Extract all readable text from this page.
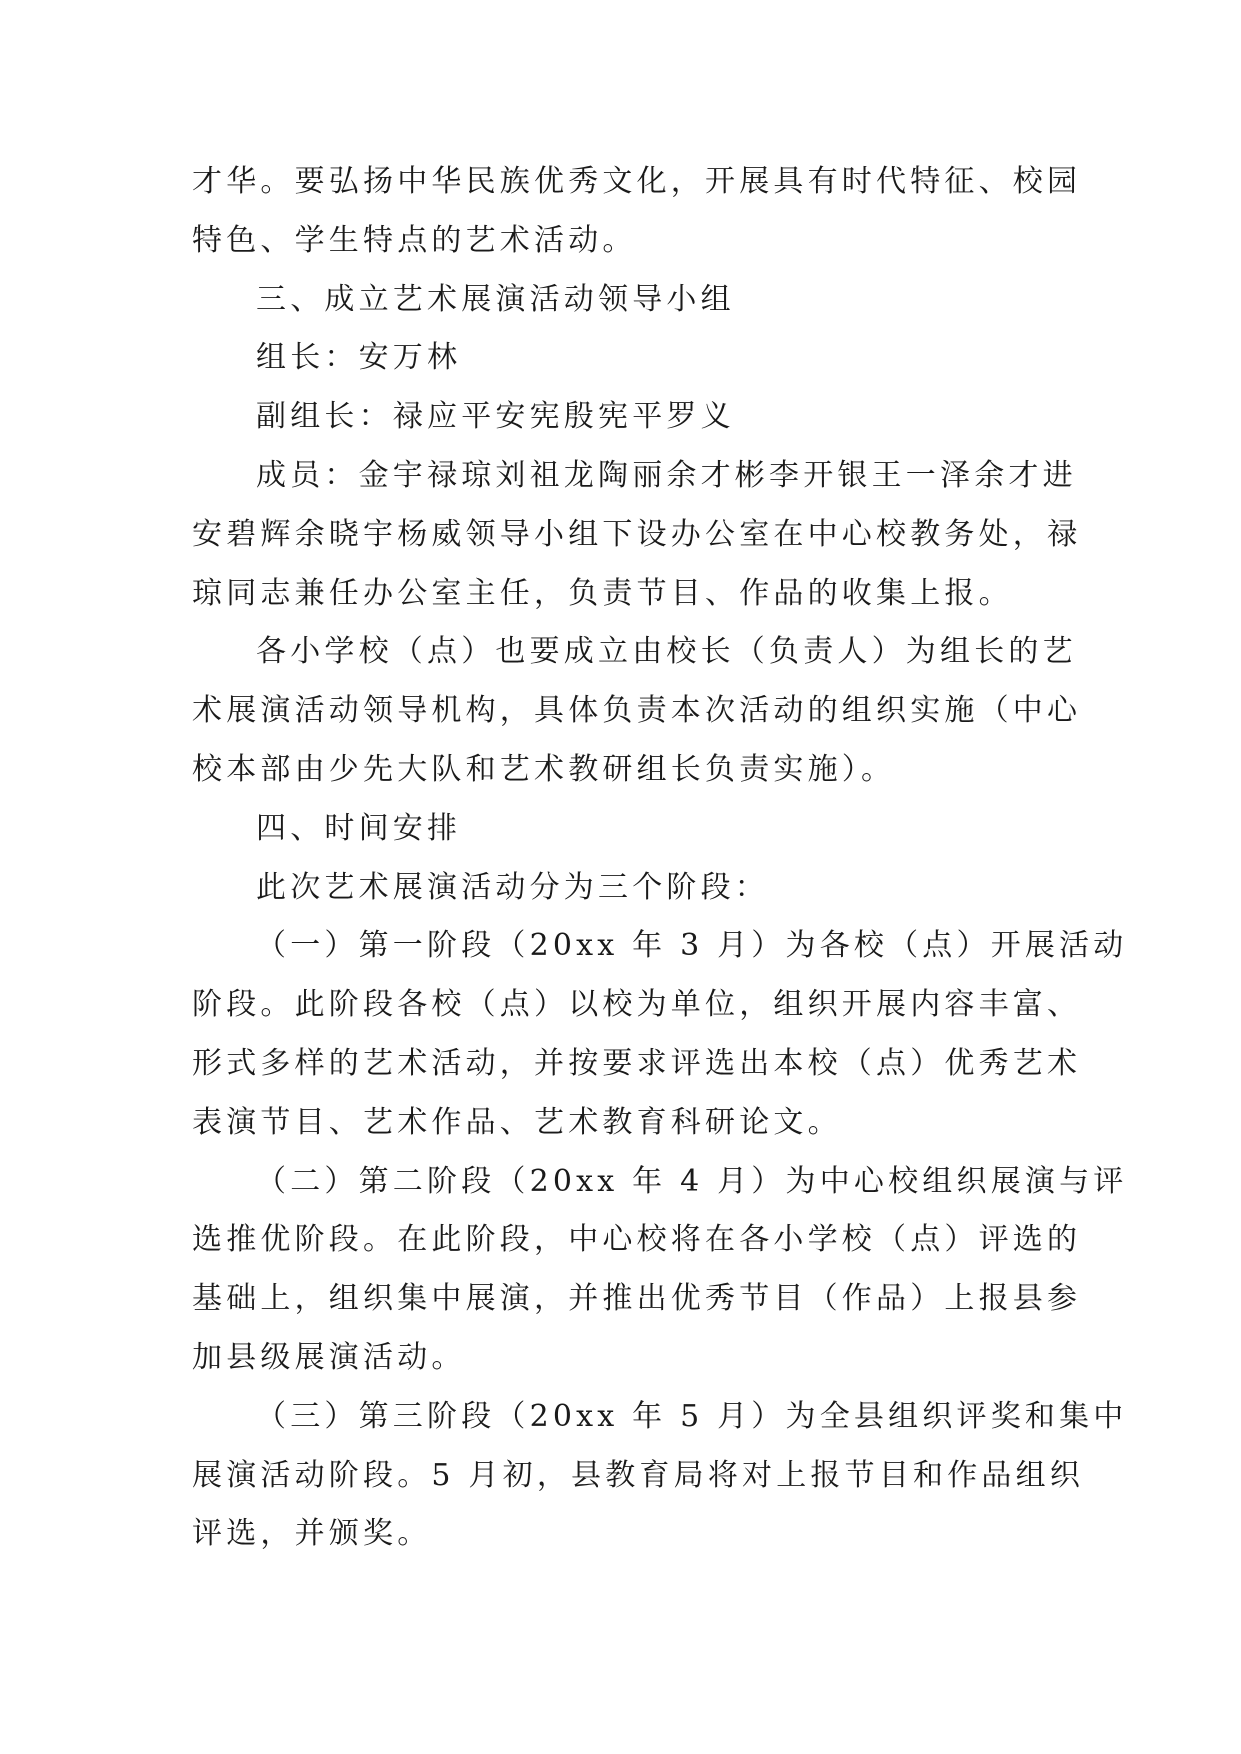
才华。要弘扬中华民族优秀文化，开展具有时代特征、校园
特色、学生特点的艺术活动。
三、成立艺术展演活动领导小组
组长：安万林
副组长：禄应平安宪殷宪平罗义
成员：金宇禄琼刘祖龙陶丽余才彬李开银王一泽余才进
安碧辉余晓宇杨威领导小组下设办公室在中心校教务处，禄
琼同志兼任办公室主任，负责节目、作品的收集上报。
各小学校（点）也要成立由校长（负责人）为组长的艺
术展演活动领导机构，具体负责本次活动的组织实施（中心
校本部由少先大队和艺术教研组长负责实施）。
四、时间安排
此次艺术展演活动分为三个阶段：
（一）第一阶段（20xx 年 3 月）为各校（点）开展活动
阶段。此阶段各校（点）以校为单位，组织开展内容丰富、
形式多样的艺术活动，并按要求评选出本校（点）优秀艺术
表演节目、艺术作品、艺术教育科研论文。
（二）第二阶段（20xx 年 4 月）为中心校组织展演与评
选推优阶段。在此阶段，中心校将在各小学校（点）评选的
基础上，组织集中展演，并推出优秀节目（作品）上报县参
加县级展演活动。
（三）第三阶段（20xx 年 5 月）为全县组织评奖和集中
展演活动阶段。5 月初，县教育局将对上报节目和作品组织
评选，并颁奖。
